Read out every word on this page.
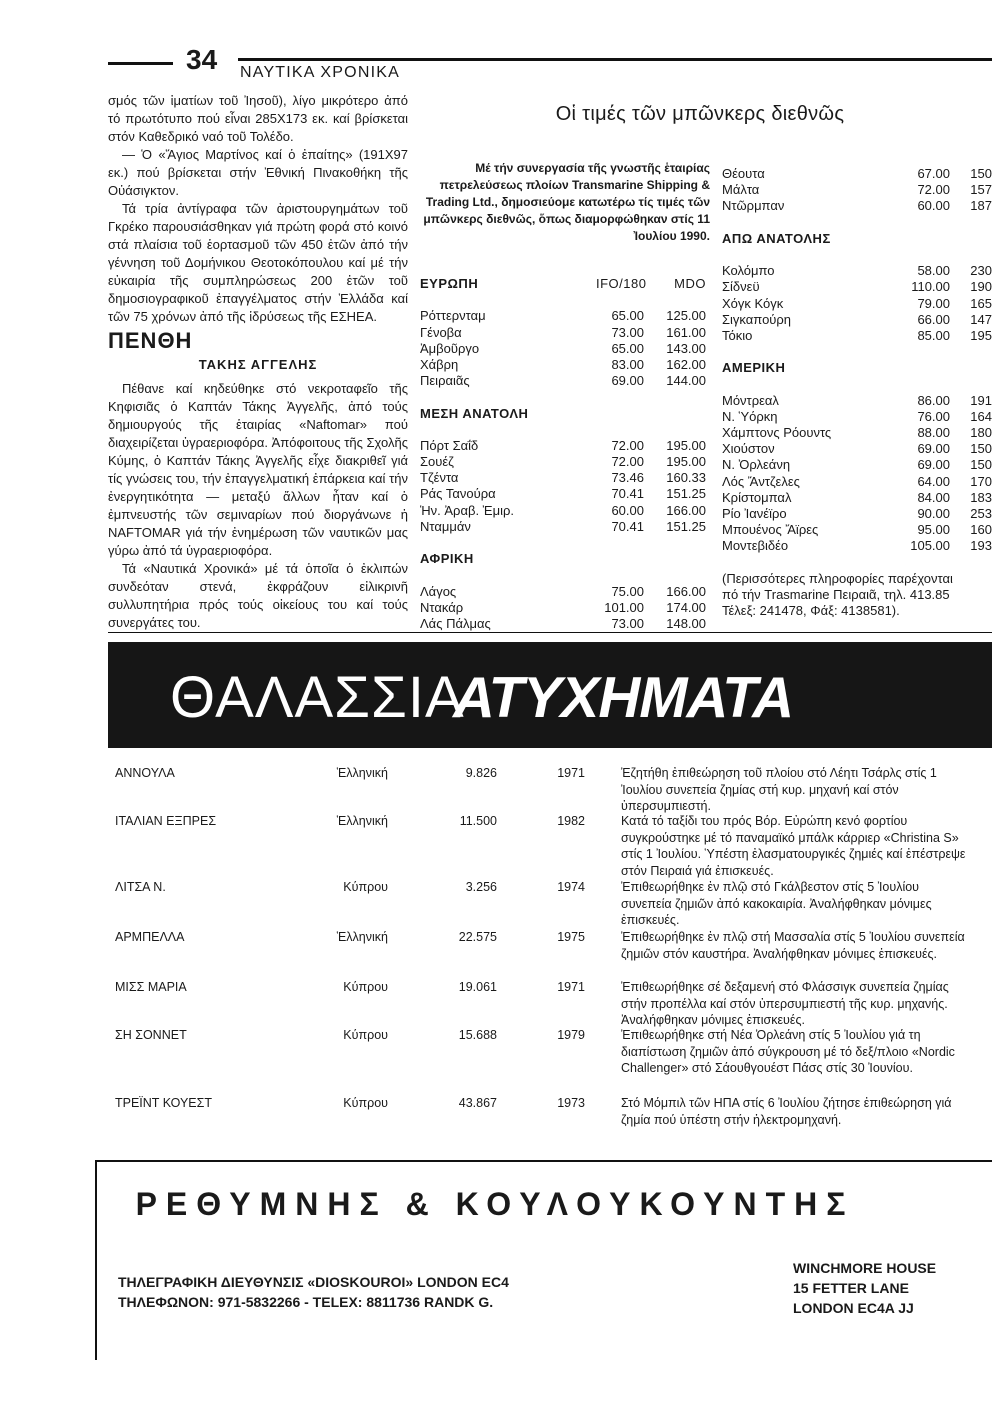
34 ΝΑΥΤΙΚΑ ΧΡΟΝΙΚΑ

σμός τῶν ἱματίων τοῦ Ἰησοῦ), λίγο μικρότερο ἀπό τό πρωτότυπο πού εἶναι 285Χ173 εκ. καί βρίσκεται στόν Καθεδρικό ναό τοῦ Τολέδο.

— Ὁ «Ἅγιος Μαρτίνος καί ὁ ἐπαίτης» (191Χ97 εκ.) πού βρίσκεται στήν Ἐθνική Πινακοθήκη τῆς Οὐάσιγκτον.

Τά τρία ἀντίγραφα τῶν ἀριστουργημάτων τοῦ Γκρέκο παρουσιάσθηκαν γιά πρώτη φορά στό κοινό στά πλαίσια τοῦ ἑορτασμοῦ τῶν 450 ἐτῶν ἀπό τήν γέννηση τοῦ Δομήνικου Θεοτοκόπουλου καί μέ τήν εὐκαιρία τῆς συμπληρώσεως 200 ἐτῶν τοῦ δημοσιογραφικοῦ ἐπαγγέλματος στήν Ἑλλάδα καί τῶν 75 χρόνων ἀπό τῆς ἱδρύσεως τῆς ΕΣΗΕΑ.

ΠΕΝΘΗ
ΤΑΚΗΣ ΑΓΓΕΛΗΣ

Πέθανε καί κηδεύθηκε στό νεκροταφεῖο τῆς Κηφισιᾶς ὁ Καπτάν Τάκης Ἀγγελῆς, ἀπό τούς δημιουργούς τῆς ἑταιρίας «Naftomar» πού διαχειρίζεται ὑγραεριοφόρα. Ἀπόφοιτους τῆς Σχολῆς Κύμης, ὁ Καπτάν Τάκης Ἀγγελῆς εἶχε διακριθεῖ γιά τίς γνώσεις του, τήν ἐπαγγελματική ἐπάρκεια καί τήν ἐνεργητικότητα — μεταξύ ἄλλων ἦταν καί ὁ ἐμπνευστής τῶν σεμιναρίων πού διοργάνωνε ἡ NAFTOMAR γιά τήν ἐνημέρωση τῶν ναυτικῶν μας γύρω ἀπό τά ὑγραεριοφόρα.

Τά «Ναυτικά Χρονικά» μέ τά ὁποῖα ὁ ἐκλιπών συνδεόταν στενά, ἐκφράζουν εἰλικρινῆ συλλυπητήρια πρός τούς οἰκείους του καί τούς συνεργάτες του.

Οἱ τιμές τῶν μπῶνκερς διεθνῶς
Μέ τήν συνεργασία τῆς γνωστῆς ἑταιρίας πετρελεύσεως πλοίων Transmarine Shipping & Trading Ltd., δημοσιεύομε κατωτέρω τίς τιμές τῶν μπῶνκερς διεθνῶς, ὅπως διαμορφώθηκαν στίς 11 Ἰουλίου 1990.
ΕΥΡΩΠΗ	IFO/180	MDO
Ρόττερνταμ	65.00	125.00
Γένοβα	73.00	161.00
Ἀμβοῦργο	65.00	143.00
Χάβρη	83.00	162.00
Πειραιᾶς	69.00	144.00
ΜΕΣΗ ΑΝΑΤΟΛΗ
Πόρτ Σαΐδ	72.00	195.00
Σουέζ	72.00	195.00
Τζέντα	73.46	160.33
Ράς Τανούρα	70.41	151.25
Ἡν. Ἀραβ. Ἐμιρ.	60.00	166.00
Νταμμάν	70.41	151.25
ΑΦΡΙΚΗ
Λάγος	75.00	166.00
Ντακάρ	101.00	174.00
Λάς Πάλμας	73.00	148.00
Θέουτα	67.00	150
Μάλτα	72.00	157
Ντῶρμπαν	60.00	187
ΑΠΩ ΑΝΑΤΟΛΗΣ
Κολόμπο	58.00	230
Σίδνεϋ	110.00	190
Χόγκ Κόγκ	79.00	165
Σιγκαπούρη	66.00	147
Τόκιο	85.00	195
ΑΜΕΡΙΚΗ
Μόντρεαλ	86.00	191
Ν. Ὑόρκη	76.00	164
Χάμπτονς Ρόουντς	88.00	180
Χιούστον	69.00	150
Ν. Ὀρλεάνη	69.00	150
Λός Ἄντζελες	64.00	170
Κρίστομπαλ	84.00	183
Ρίο Ἰανέϊρο	90.00	253
Μπουένος Ἄϊρες	95.00	160
Μοντεβιδέο	105.00	193
(Περισσότερες πληροφορίες παρέχονται
πό τήν Trasmarine Πειραιᾶ, τηλ. 413.85
Τέλεξ: 241478, Φάξ: 4138581).
ΘΑΛΑΣΣΙΑ
ΑΤΥΧΗΜΑΤΑ
ΑΝΝΟΥΛΑ	Ἑλληνική	9.826	1971	Ἐζητήθη ἐπιθεώρηση τοῦ πλοίου στό Λέητι Τσάρλς στίς 1 Ἰουλίου συνεπεία ζημίας στή κυρ. μηχανή καί στόν ὑπερσυμπιεστή.
ΙΤΑΛΙΑΝ ΕΞΠΡΕΣ	Ἑλληνική	11.500	1982	Κατά τό ταξίδι του πρός Βόρ. Εὐρώπη κενό φορτίου συγκρούστηκε μέ τό παναμαϊκό μπάλκ κάρριερ «Christina S» στίς 1 Ἰουλίου. Ὑπέστη ἐλασματουργικές ζημιές καί ἐπέστρεψε στόν Πειραιά γιά ἐπισκευές.
ΛΙΤΣΑ Ν.	Κύπρου	3.256	1974	Ἐπιθεωρήθηκε ἐν πλῷ στό Γκάλβεστον στίς 5 Ἰουλίου συνεπεία ζημιῶν ἀπό κακοκαιρία. Ἀναλήφθηκαν μόνιμες ἐπισκευές.
ΑΡΜΠΕΛΛΑ	Ἑλληνική	22.575	1975	Ἐπιθεωρήθηκε ἐν πλῷ στή Μασσαλία στίς 5 Ἰουλίου συνεπεία ζημιῶν στόν καυστήρα. Ἀναλήφθηκαν μόνιμες ἐπισκευές.
ΜΙΣΣ ΜΑΡΙΑ	Κύπρου	19.061	1971	Ἐπιθεωρήθηκε σέ δεξαμενή στό Φλάσσιγκ συνεπεία ζημίας στήν προπέλλα καί στόν ὑπερσυμπιεστή τῆς κυρ. μηχανής. Ἀναλήφθηκαν μόνιμες ἐπισκευές.
ΣΗ ΣΟΝΝΕΤ	Κύπρου	15.688	1979	Ἐπιθεωρήθηκε στή Νέα Ὀρλεάνη στίς 5 Ἰουλίου γιά τη διαπίστωση ζημιῶν ἀπό σύγκρουση μέ τό δεξ/πλοιο «Nordic Challenger» στό Σάουθγουέστ Πάσς στίς 30 Ἰουνίου.
ΤΡΕΪΝΤ ΚΟΥΕΣΤ	Κύπρου	43.867	1973	Στό Μόμπιλ τῶν ΗΠΑ στίς 6 Ἰουλίου ζήτησε ἐπιθεώρηση γιά ζημία πού ὑπέστη στήν ἠλεκτρομηχανή.
ΡΕΘΥΜΝΗΣ & ΚΟΥΛΟΥΚΟΥΝΤΗΣ
ΤΗΛΕΓΡΑΦΙΚΗ ΔΙΕΥΘΥΝΣΙΣ «DIOSKOUROI» LONDON EC4
ΤΗΛΕΦΩΝΟΝ: 971-5832266 - TELEX: 8811736 RANDK G.
WINCHMORE HOUSE
15 FETTER LANE
LONDON EC4A JJ
